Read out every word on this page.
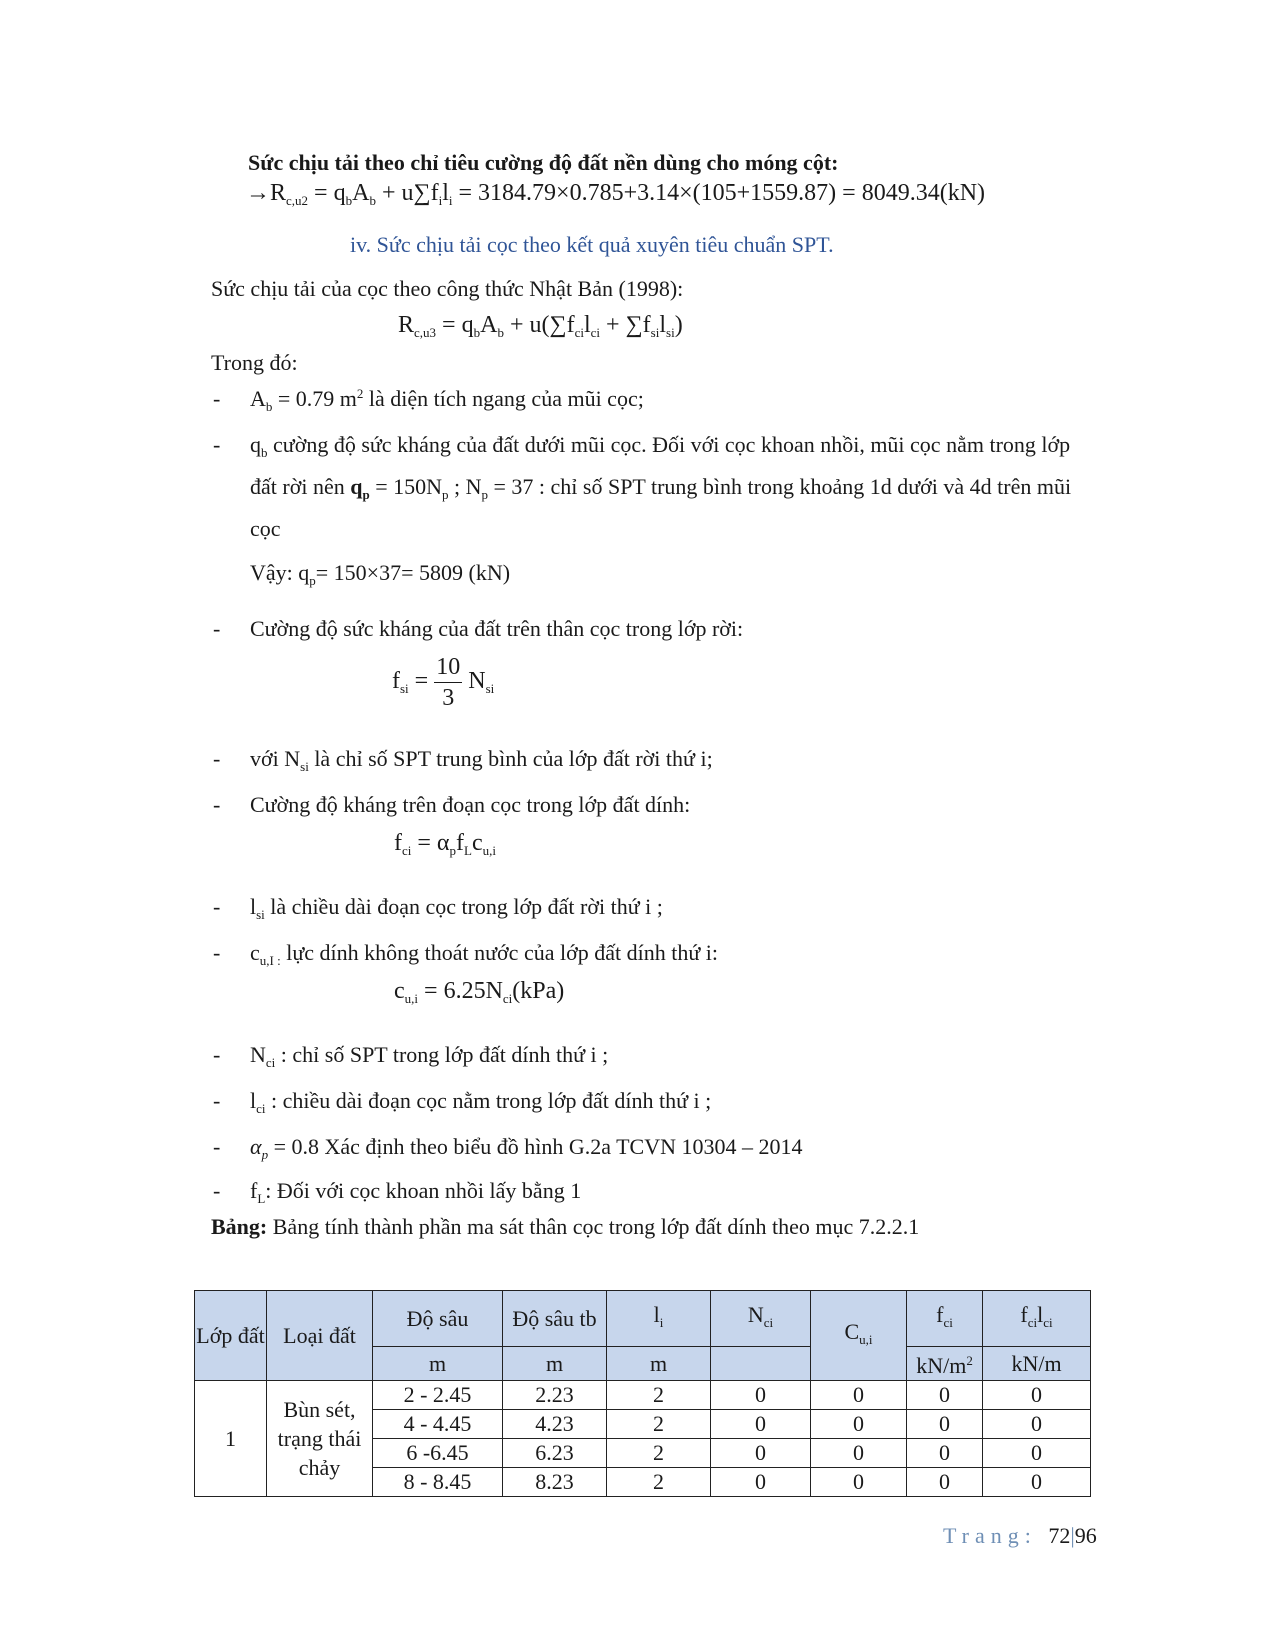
Sức chịu tải theo chỉ tiêu cường độ đất nền dùng cho móng cột:
$\to R_{c,u2} = q_bA_b + u\sum f_il_i = 3184.79\times 0.785+3.14\times(105+1559.87) = 8049.34(kN)$
iv. Sức chịu tải cọc theo kết quả xuyên tiêu chuẩn SPT.
Sức chịu tải của cọc theo công thức Nhật Bản (1998):
$R_{c,u3} = q_bA_b + u(\sum f_{ci}l_{ci} + \sum f_{si}l_{si})$
Trong đó:
- $A_b = 0.79$ $m^2$ là diện tích ngang của mũi cọc;
- $q_b$ cường độ sức kháng của đất dưới mũi cọc. Đối với cọc khoan nhồi, mũi cọc nằm trong lớp
đất rời nên $q_p = 150N_p$ ; $N_p = 37$ : chỉ số SPT trung bình trong khoảng 1d dưới và 4d trên mũi
cọc
Vậy: $q_p= 150\times 37= 5809$ (kN)
- Cường độ sức kháng của đất trên thân cọc trong lớp rời:
$f_{si} = \frac{10}{3} N_{si}$
- với $N_{si}$ là chỉ số SPT trung bình của lớp đất rời thứ i;
- Cường độ kháng trên đoạn cọc trong lớp đất dính:
$f_{ci} = \alpha_pf_Lc_{u,i}$
- $l_{si}$ là chiều dài đoạn cọc trong lớp đất rời thứ i ;
- $c_{u,I :}$ lực dính không thoát nước của lớp đất dính thứ i:
$c_{u,i} = 6.25N_{ci}(kPa)$
- $N_{ci}$ : chỉ số SPT trong lớp đất dính thứ i ;
- $l_{ci}$ : chiều dài đoạn cọc nằm trong lớp đất dính thứ i ;
- $\alpha_p = 0.8$ Xác định theo biểu đồ hình G.2a TCVN 10304 – 2014
- $f_L$: Đối với cọc khoan nhồi lấy bằng 1
Bảng: Bảng tính thành phần ma sát thân cọc trong lớp đất dính theo mục 7.2.2.1
Lớp đất	Loại đất	Độ sâu	Độ sâu tb	$l_i$	$N_{ci}$	$C_{u,i}$	$f_{ci}$	$f_{ci}l_{ci}$
		m	m	m			$kN/m^2$	kN/m
1	Bùn sét, trạng thái chảy	2 - 2.45	2.23	2	0	0	0	0
		4 - 4.45	4.23	2	0	0	0	0
		6 -6.45	6.23	2	0	0	0	0
		8 - 8.45	8.23	2	0	0	0	0
Trang: 72|96
